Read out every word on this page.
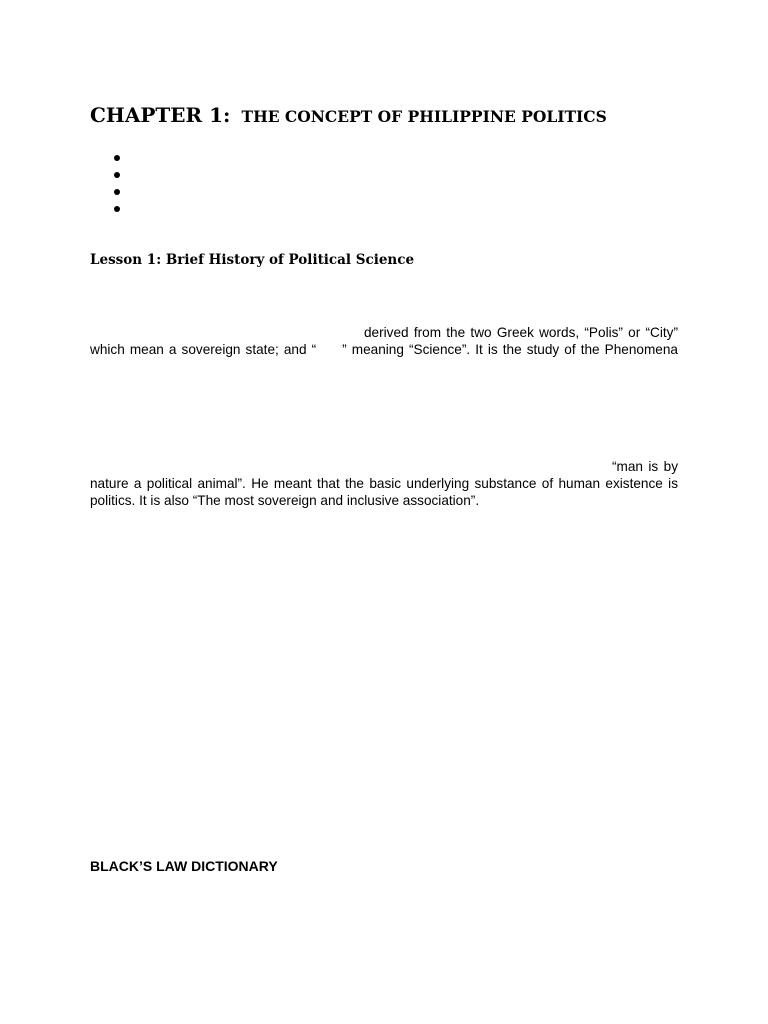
CHAPTER 1: THE CONCEPT OF PHILIPPINE POLITICS
Lesson 1: Brief History of Political Science
derived from the two Greek words, “Polis” or “City”
which mean a sovereign state; and “ ” meaning “Science”. It is the study of the Phenomena
“man is by
nature a political animal”. He meant that the basic underlying substance of human existence is
politics. It is also “The most sovereign and inclusive association”.
BLACK’S LAW DICTIONARY
